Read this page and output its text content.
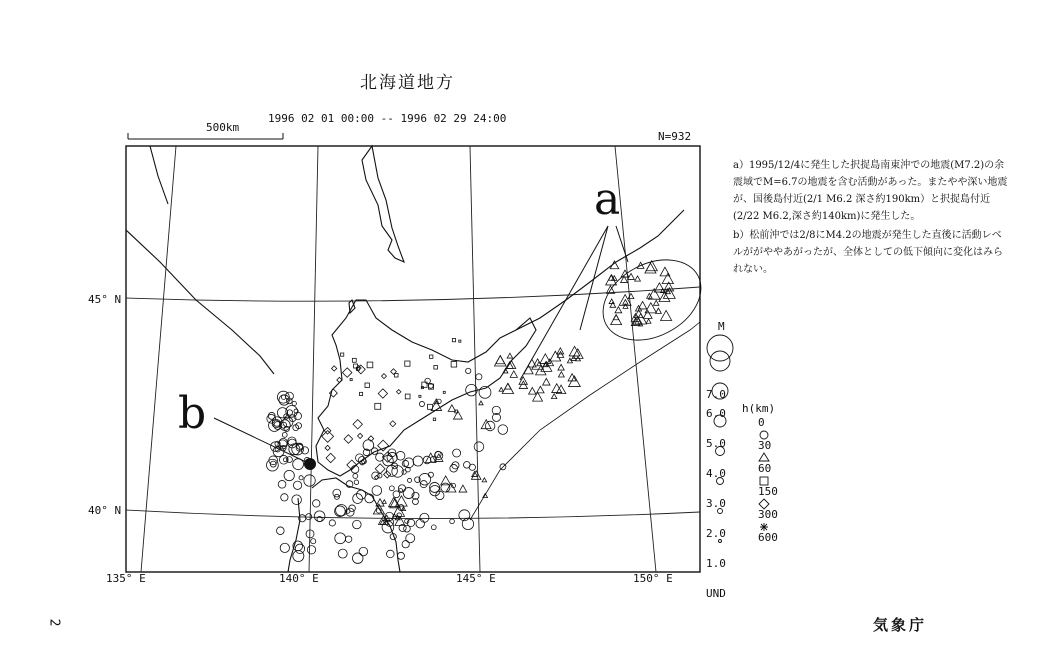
北海道地方
1996 02 01 00:00 -- 1996 02 29 24:00
500km
N=932
M
7.0
6.0
5.0
4.0
3.0
2.0
1.0
UND
h(km)
0
30
60
150
300
600
45° N
40° N
135° E	140° E	145° E	150° E
a
b

a）1995/12/4に発生した択捉島南東沖での地震(M7.2)の余震域でM=6.7の地震を含む活動があった。またやや深い地震が、国後島付近(2/1 M6.2 深さ約190km）と択捉島付近(2/22 M6.2,深さ約140km)に発生した。

b）松前沖では2/8にM4.2の地震が発生した直後に活動レベルががややあがったが、全体としての低下傾向に変化はみられない。

気象庁
2
